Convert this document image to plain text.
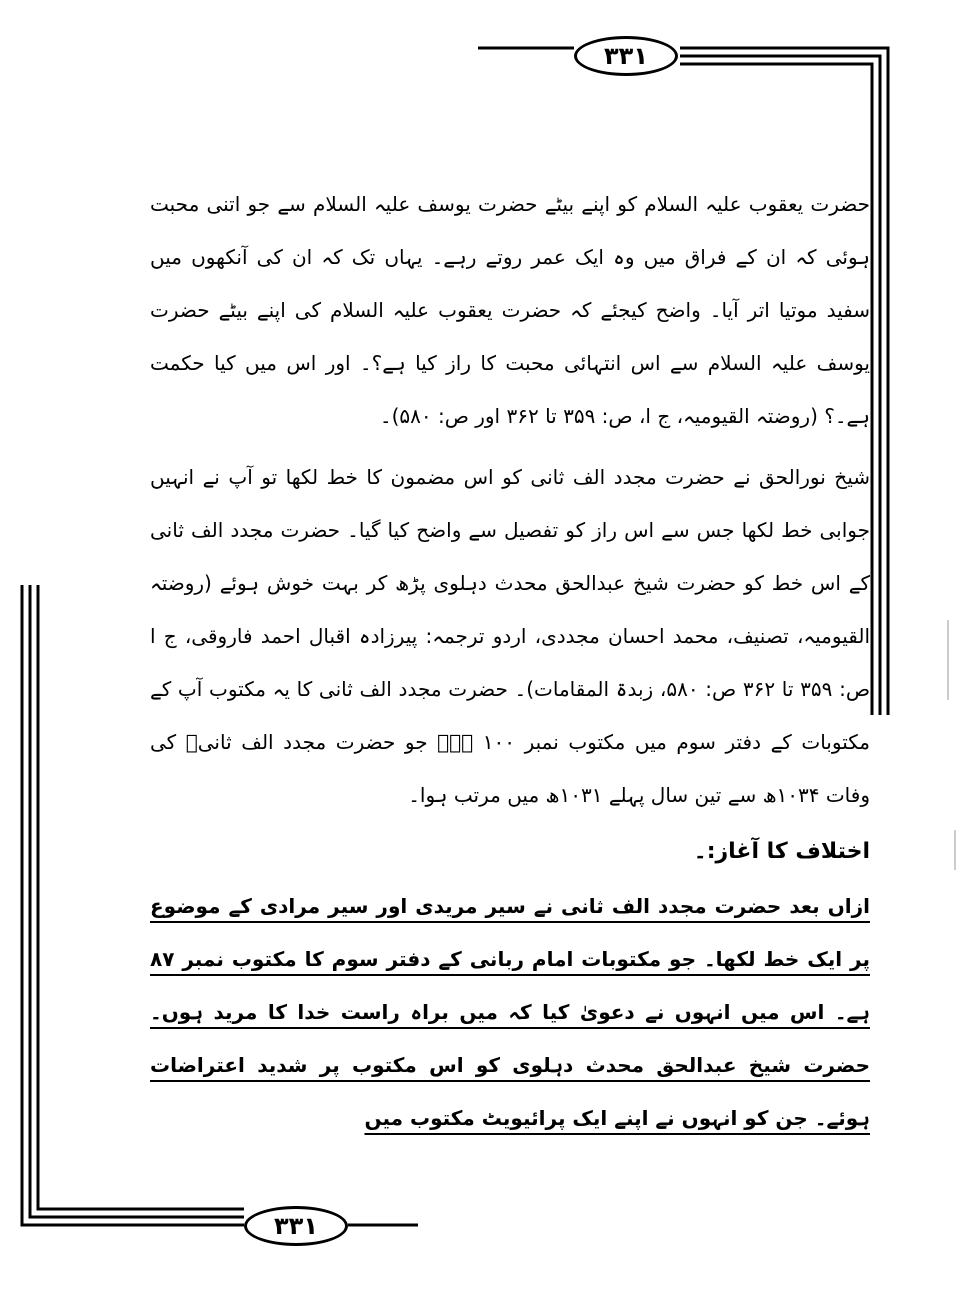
۳۳۱
۳۳۱

حضرت یعقوب علیہ السلام کو اپنے بیٹے حضرت یوسف علیہ السلام سے جو اتنی محبت ہوئی کہ ان کے فراق میں وہ ایک عمر روتے رہے۔ یہاں تک کہ ان کی آنکھوں میں سفید موتیا اتر آیا۔ واضح کیجئے کہ حضرت یعقوب علیہ السلام کی اپنے بیٹے حضرت یوسف علیہ السلام سے اس انتہائی محبت کا راز کیا ہے؟۔ اور اس میں کیا حکمت ہے۔؟ (روضتہ القیومیہ، ج ا، ص: ۳۵۹ تا ۳۶۲ اور ص: ۵۸۰)۔

شیخ نورالحق نے حضرت مجدد الف ثانی کو اس مضمون کا خط لکھا تو آپ نے انہیں جوابی خط لکھا جس سے اس راز کو تفصیل سے واضح کیا گیا۔ حضرت مجدد الف ثانی کے اس خط کو حضرت شیخ عبدالحق محدث دہلوی پڑھ کر بہت خوش ہوئے (روضتہ القیومیہ، تصنیف، محمد احسان مجددی، اردو ترجمہ: پیرزادہ اقبال احمد فاروقی، ج ا ص: ۳۵۹ تا ۳۶۲ ص: ۵۸۰، زبدۃ المقامات)۔ حضرت مجدد الف ثانی کا یہ مکتوب آپ کے مکتوبات کے دفتر سوم میں مکتوب نمبر ۱۰۰ ہے۔ جو حضرت مجدد الف ثانیؒ کی وفات ۱۰۳۴ھ سے تین سال پہلے ۱۰۳۱ھ میں مرتب ہوا۔

اختلاف کا آغاز:۔

ازاں بعد حضرت مجدد الف ثانی نے سیر مریدی اور سیر مرادی کے موضوع پر ایک خط لکھا۔ جو مکتوبات امام ربانی کے دفتر سوم کا مکتوب نمبر ۸۷ ہے۔ اس میں انہوں نے دعویٰ کیا کہ میں براہ راست خدا کا مرید ہوں۔ حضرت شیخ عبدالحق محدث دہلوی کو اس مکتوب پر شدید اعتراضات ہوئے۔ جن کو انہوں نے اپنے ایک پرائیویٹ مکتوب میں
